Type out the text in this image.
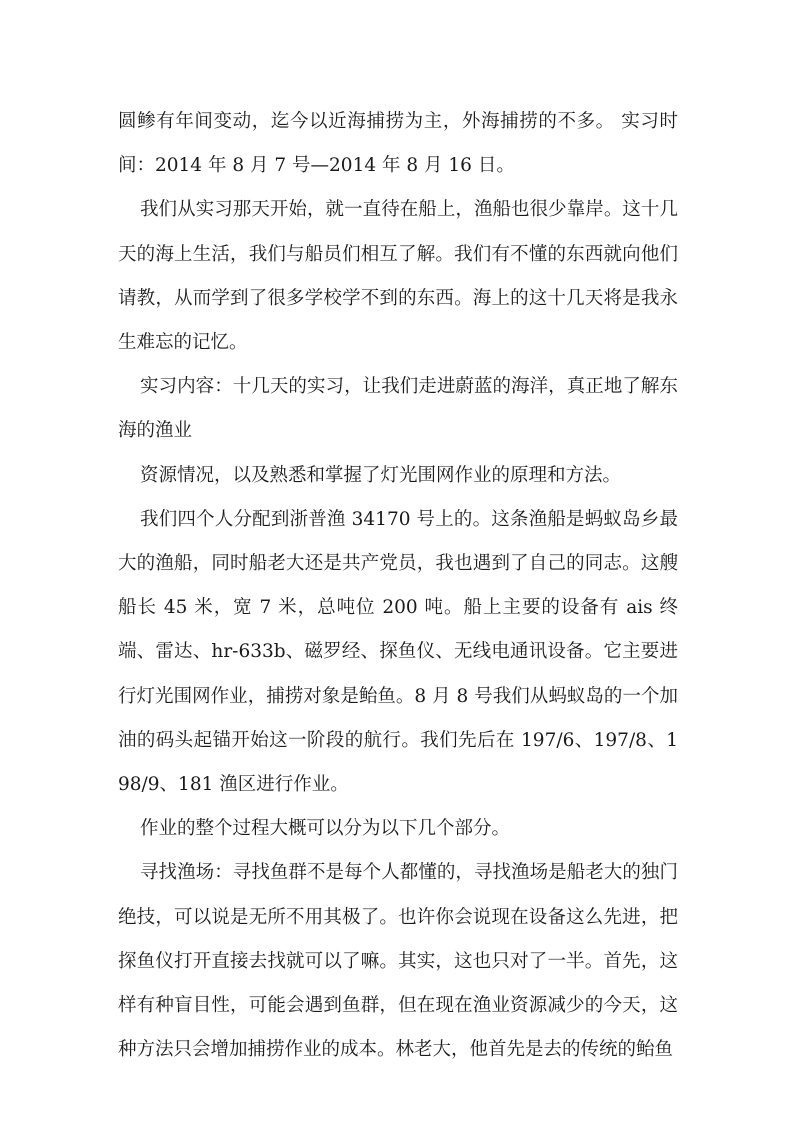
圆鲹有年间变动，迄今以近海捕捞为主，外海捕捞的不多。 实习时间：2014 年 8 月 7 号—2014 年 8 月 16 日。

我们从实习那天开始，就一直待在船上，渔船也很少靠岸。这十几天的海上生活，我们与船员们相互了解。我们有不懂的东西就向他们请教，从而学到了很多学校学不到的东西。海上的这十几天将是我永生难忘的记忆。

实习内容：十几天的实习，让我们走进蔚蓝的海洋，真正地了解东海的渔业

资源情况，以及熟悉和掌握了灯光围网作业的原理和方法。

我们四个人分配到浙普渔 34170 号上的。这条渔船是蚂蚁岛乡最大的渔船，同时船老大还是共产党员，我也遇到了自己的同志。这艘船长 45 米，宽 7 米，总吨位 200 吨。船上主要的设备有 ais 终端、雷达、hr-633b、磁罗经、探鱼仪、无线电通讯设备。它主要进行灯光围网作业，捕捞对象是鲐鱼。8 月 8 号我们从蚂蚁岛的一个加油的码头起锚开始这一阶段的航行。我们先后在 197/6、197/8、198/9、181 渔区进行作业。

作业的整个过程大概可以分为以下几个部分。

寻找渔场：寻找鱼群不是每个人都懂的，寻找渔场是船老大的独门绝技，可以说是无所不用其极了。也许你会说现在设备这么先进，把探鱼仪打开直接去找就可以了嘛。其实，这也只对了一半。首先，这样有种盲目性，可能会遇到鱼群，但在现在渔业资源减少的今天，这种方法只会增加捕捞作业的成本。林老大，他首先是去的传统的鲐鱼
